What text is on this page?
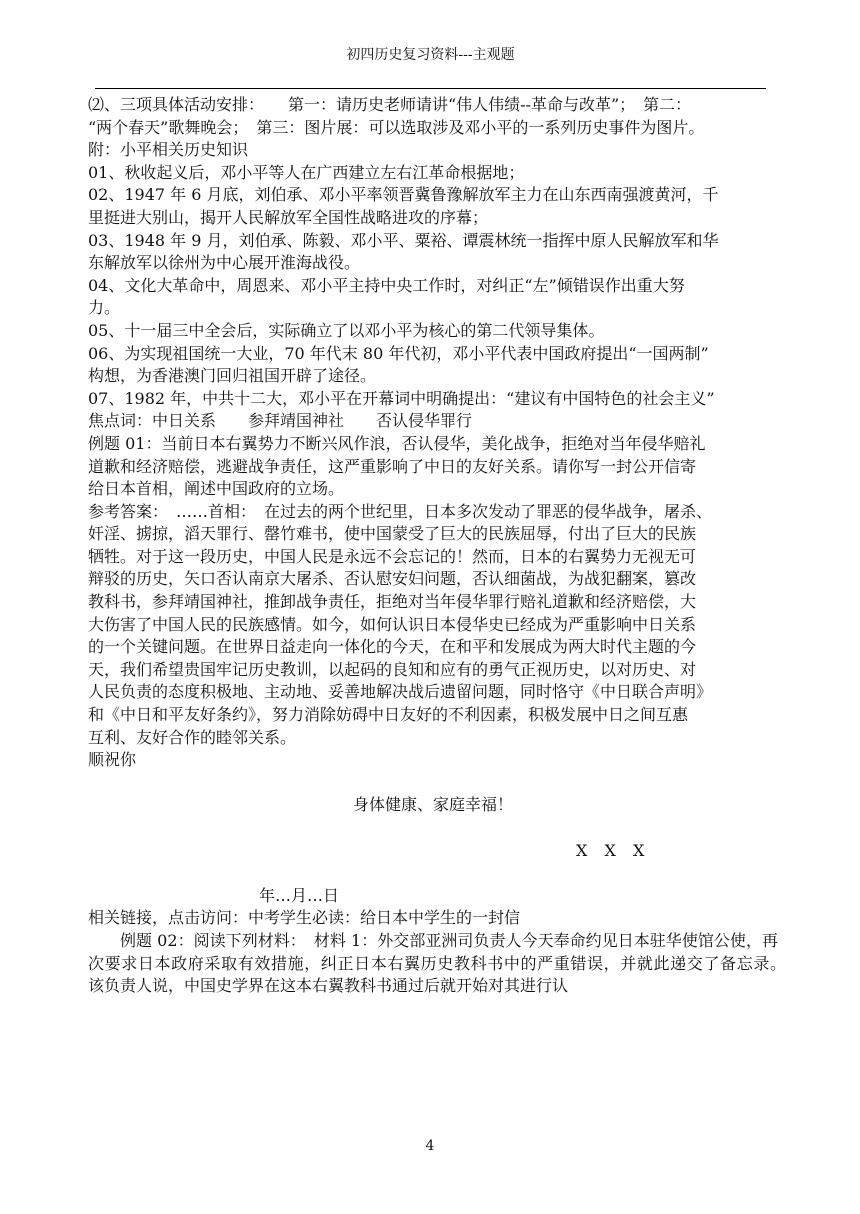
初四历史复习资料---主观题

⑵、三项具体活动安排：　　第一：请历史老师请讲“伟人伟绩--革命与改革”；　第二：

“两个春天”歌舞晚会；　第三：图片展：可以选取涉及邓小平的一系列历史事件为图片。

附：小平相关历史知识

01、秋收起义后，邓小平等人在广西建立左右江革命根据地；

02、1947 年 6 月底，刘伯承、邓小平率领晋冀鲁豫解放军主力在山东西南强渡黄河，千

里挺进大别山，揭开人民解放军全国性战略进攻的序幕；

03、1948 年 9 月，刘伯承、陈毅、邓小平、粟裕、谭震林统一指挥中原人民解放军和华

东解放军以徐州为中心展开淮海战役。

04、文化大革命中，周恩来、邓小平主持中央工作时，对纠正“左”倾错误作出重大努

力。

05、十一届三中全会后，实际确立了以邓小平为核心的第二代领导集体。

06、为实现祖国统一大业，70 年代末 80 年代初，邓小平代表中国政府提出“一国两制”

构想，为香港澳门回归祖国开辟了途径。

07、1982 年，中共十二大，邓小平在开幕词中明确提出：“建议有中国特色的社会主义”

焦点词：中日关系　　参拜靖国神社　　否认侵华罪行

例题 01：当前日本右翼势力不断兴风作浪，否认侵华，美化战争，拒绝对当年侵华赔礼

道歉和经济赔偿，逃避战争责任，这严重影响了中日的友好关系。请你写一封公开信寄

给日本首相，阐述中国政府的立场。

参考答案：　……首相：　在过去的两个世纪里，日本多次发动了罪恶的侵华战争，屠杀、

奸淫、掳掠，滔天罪行、罄竹难书，使中国蒙受了巨大的民族屈辱，付出了巨大的民族

牺牲。对于这一段历史，中国人民是永远不会忘记的！然而，日本的右翼势力无视无可

辩驳的历史，矢口否认南京大屠杀、否认慰安妇问题，否认细菌战，为战犯翻案，篡改

教科书，参拜靖国神社，推卸战争责任，拒绝对当年侵华罪行赔礼道歉和经济赔偿，大

大伤害了中国人民的民族感情。如今，如何认识日本侵华史已经成为严重影响中日关系

的一个关键问题。在世界日益走向一体化的今天，在和平和发展成为两大时代主题的今

天，我们希望贵国牢记历史教训，以起码的良知和应有的勇气正视历史，以对历史、对

人民负责的态度积极地、主动地、妥善地解决战后遗留问题，同时恪守《中日联合声明》

和《中日和平友好条约》，努力消除妨碍中日友好的不利因素，积极发展中日之间互惠

互利、友好合作的睦邻关系。

顺祝你

身体健康、家庭幸福！

X X X

年…月…日

相关链接，点击访问：中考学生必读：给日本中学生的一封信

例题 02：阅读下列材料：　材料 1：外交部亚洲司负责人今天奉命约见日本驻华使馆公使，再次要求日本政府采取有效措施，纠正日本右翼历史教科书中的严重错误，并就此递交了备忘录。　该负责人说，中国史学界在这本右翼教科书通过后就开始对其进行认

4
